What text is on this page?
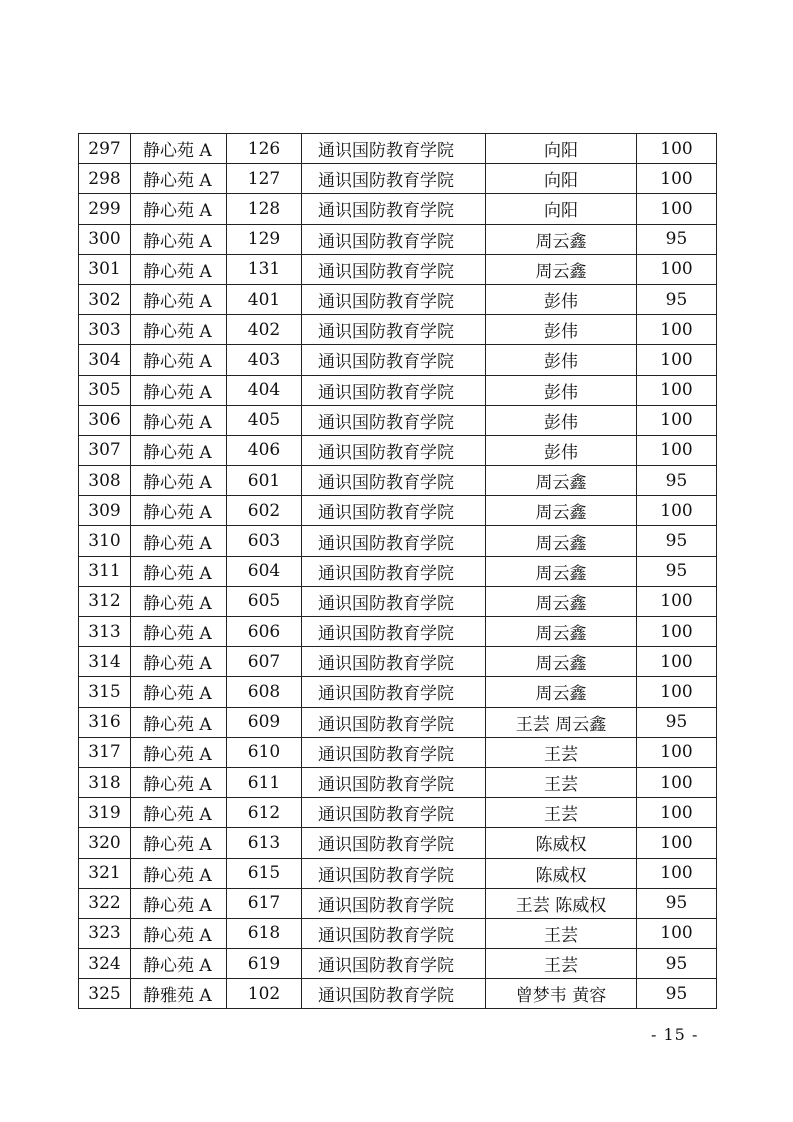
297	静心苑 A	126	通识国防教育学院	向阳	100
298	静心苑 A	127	通识国防教育学院	向阳	100
299	静心苑 A	128	通识国防教育学院	向阳	100
300	静心苑 A	129	通识国防教育学院	周云鑫	95
301	静心苑 A	131	通识国防教育学院	周云鑫	100
302	静心苑 A	401	通识国防教育学院	彭伟	95
303	静心苑 A	402	通识国防教育学院	彭伟	100
304	静心苑 A	403	通识国防教育学院	彭伟	100
305	静心苑 A	404	通识国防教育学院	彭伟	100
306	静心苑 A	405	通识国防教育学院	彭伟	100
307	静心苑 A	406	通识国防教育学院	彭伟	100
308	静心苑 A	601	通识国防教育学院	周云鑫	95
309	静心苑 A	602	通识国防教育学院	周云鑫	100
310	静心苑 A	603	通识国防教育学院	周云鑫	95
311	静心苑 A	604	通识国防教育学院	周云鑫	95
312	静心苑 A	605	通识国防教育学院	周云鑫	100
313	静心苑 A	606	通识国防教育学院	周云鑫	100
314	静心苑 A	607	通识国防教育学院	周云鑫	100
315	静心苑 A	608	通识国防教育学院	周云鑫	100
316	静心苑 A	609	通识国防教育学院	王芸 周云鑫	95
317	静心苑 A	610	通识国防教育学院	王芸	100
318	静心苑 A	611	通识国防教育学院	王芸	100
319	静心苑 A	612	通识国防教育学院	王芸	100
320	静心苑 A	613	通识国防教育学院	陈威权	100
321	静心苑 A	615	通识国防教育学院	陈威权	100
322	静心苑 A	617	通识国防教育学院	王芸 陈威权	95
323	静心苑 A	618	通识国防教育学院	王芸	100
324	静心苑 A	619	通识国防教育学院	王芸	95
325	静雅苑 A	102	通识国防教育学院	曾梦韦 黄容	95
- 15 -
